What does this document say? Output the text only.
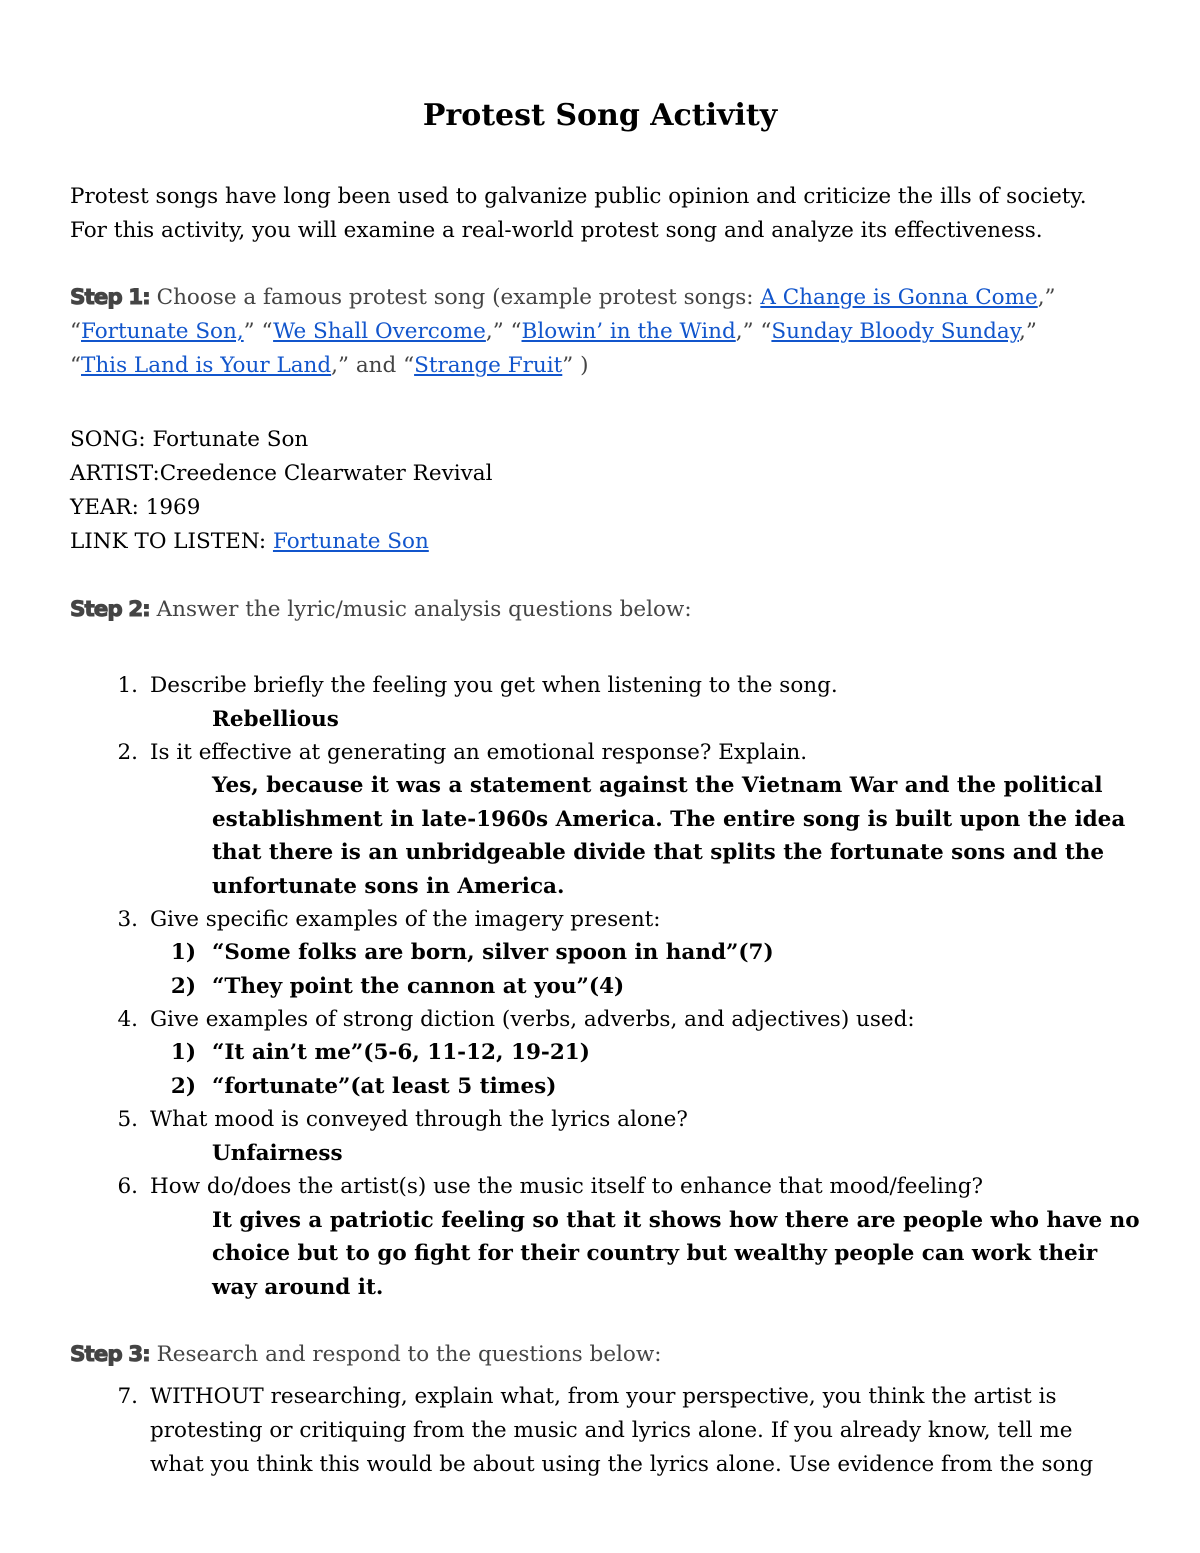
Protest Song Activity
Protest songs have long been used to galvanize public opinion and criticize the ills of society.
For this activity, you will examine a real-world protest song and analyze its effectiveness.
Step 1: Choose a famous protest song (example protest songs: A Change is Gonna Come,”
“Fortunate Son,” “We Shall Overcome,” “Blowin’ in the Wind,” “Sunday Bloody Sunday,”
“This Land is Your Land,” and “Strange Fruit” )
SONG: Fortunate Son
ARTIST:Creedence Clearwater Revival
YEAR: 1969
LINK TO LISTEN: Fortunate Son
Step 2: Answer the lyric/music analysis questions below:
1. Describe briefly the feeling you get when listening to the song.
Rebellious
2. Is it effective at generating an emotional response? Explain.
Yes, because it was a statement against the Vietnam War and the political
establishment in late-1960s America. The entire song is built upon the idea
that there is an unbridgeable divide that splits the fortunate sons and the
unfortunate sons in America.
3. Give specific examples of the imagery present:
1) “Some folks are born, silver spoon in hand”(7)
2) “They point the cannon at you”(4)
4. Give examples of strong diction (verbs, adverbs, and adjectives) used:
1) “It ain’t me”(5-6, 11-12, 19-21)
2) “fortunate”(at least 5 times)
5. What mood is conveyed through the lyrics alone?
Unfairness
6. How do/does the artist(s) use the music itself to enhance that mood/feeling?
It gives a patriotic feeling so that it shows how there are people who have no
choice but to go fight for their country but wealthy people can work their
way around it.
Step 3: Research and respond to the questions below:
7. WITHOUT researching, explain what, from your perspective, you think the artist is
protesting or critiquing from the music and lyrics alone. If you already know, tell me
what you think this would be about using the lyrics alone. Use evidence from the song
